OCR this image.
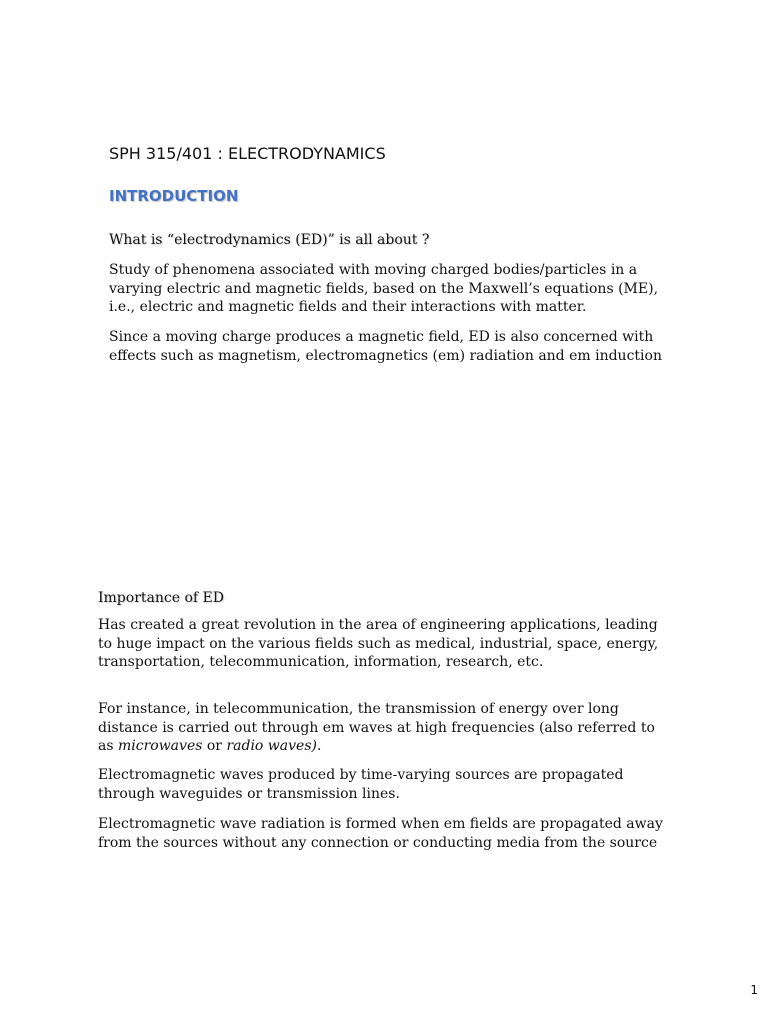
SPH 315/401 : ELECTRODYNAMICS
INTRODUCTION
What is “electrodynamics (ED)” is all about ?

Study of phenomena associated with moving charged bodies/particles in a
varying electric and magnetic fields, based on the Maxwell’s equations (ME),
i.e., electric and magnetic fields and their interactions with matter.

Since a moving charge produces a magnetic field, ED is also concerned with
effects such as magnetism, electromagnetics (em) radiation and em induction

Importance of ED

Has created a great revolution in the area of engineering applications, leading
to huge impact on the various fields such as medical, industrial, space, energy,
transportation, telecommunication, information, research, etc.

For instance, in telecommunication, the transmission of energy over long
distance is carried out through em waves at high frequencies (also referred to
as microwaves or radio waves).

Electromagnetic waves produced by time-varying sources are propagated
through waveguides or transmission lines.

Electromagnetic wave radiation is formed when em fields are propagated away
from the sources without any connection or conducting media from the source

1
